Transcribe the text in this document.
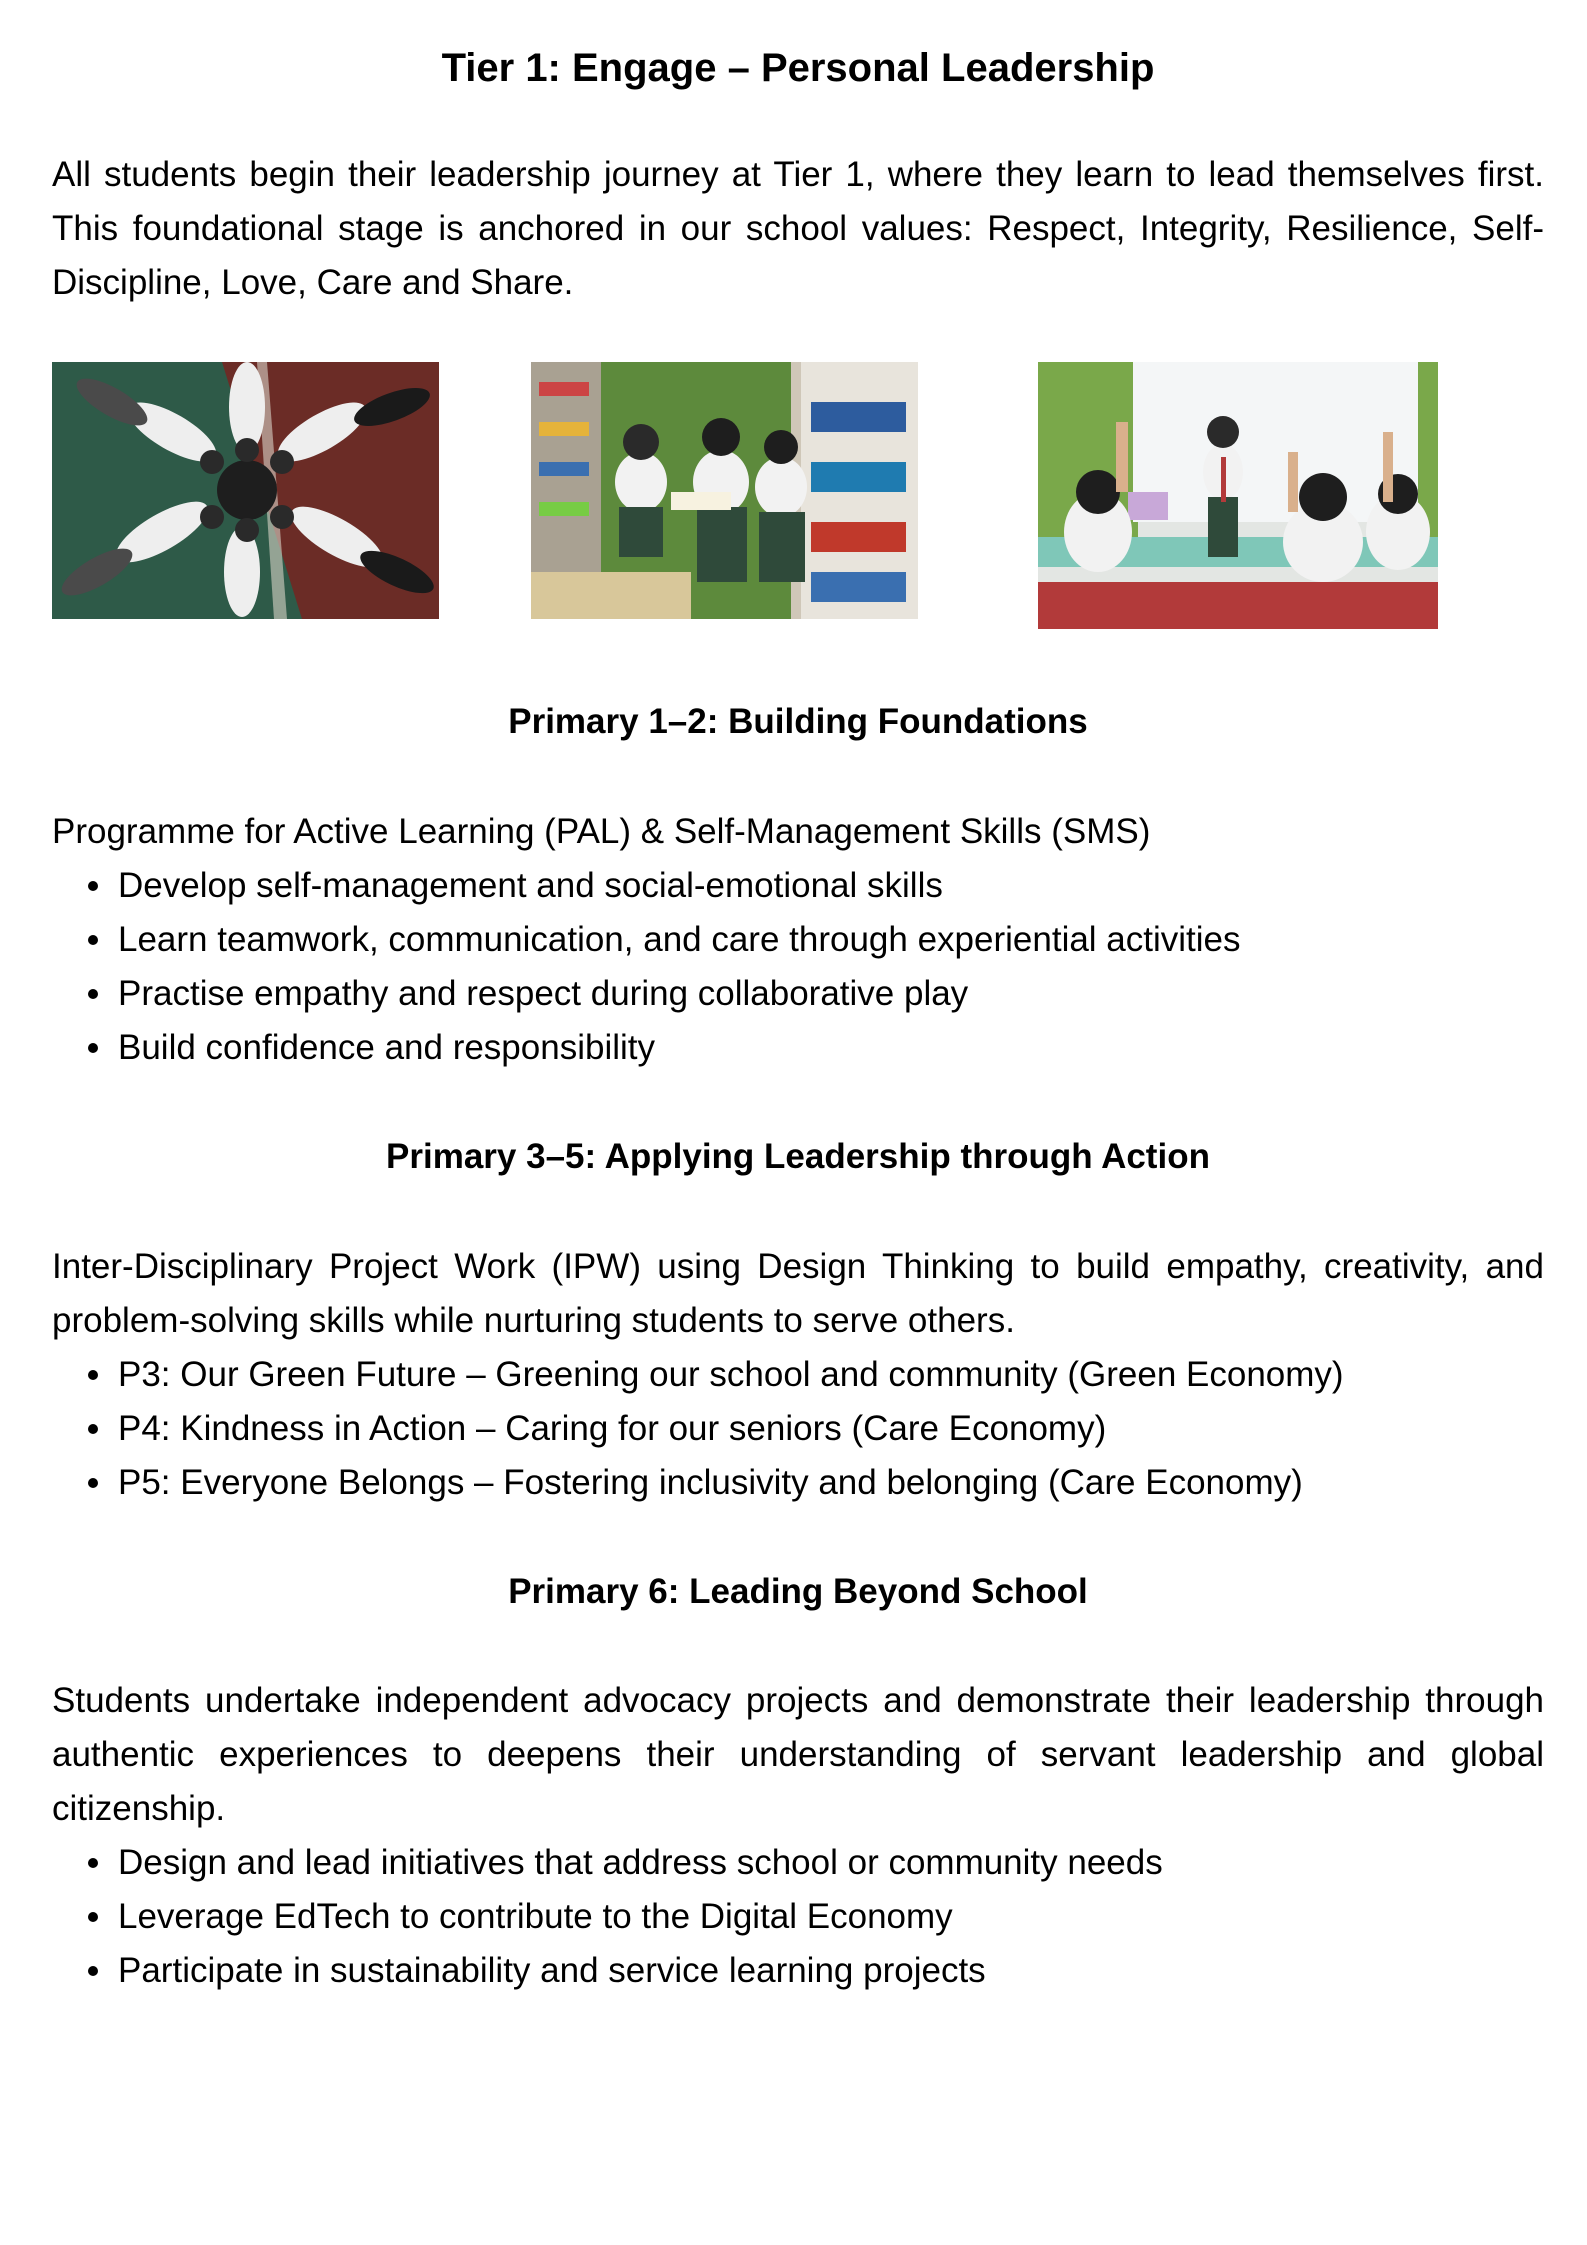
Tier 1: Engage – Personal Leadership

All students begin their leadership journey at Tier 1, where they learn to lead themselves first. This foundational stage is anchored in our school values: Respect, Integrity, Resilience, Self-Discipline, Love, Care and Share.

Primary 1–2: Building Foundations

Programme for Active Learning (PAL) & Self-Management Skills (SMS)

Develop self-management and social-emotional skills
Learn teamwork, communication, and care through experiential activities
Practise empathy and respect during collaborative play
Build confidence and responsibility
Primary 3–5: Applying Leadership through Action

Inter-Disciplinary Project Work (IPW) using Design Thinking to build empathy, creativity, and problem-solving skills while nurturing students to serve others.

P3: Our Green Future – Greening our school and community (Green Economy)
P4: Kindness in Action – Caring for our seniors (Care Economy)
P5: Everyone Belongs – Fostering inclusivity and belonging (Care Economy)
Primary 6: Leading Beyond School

Students undertake independent advocacy projects and demonstrate their leadership through authentic experiences to deepens their understanding of servant leadership and global citizenship.

Design and lead initiatives that address school or community needs
Leverage EdTech to contribute to the Digital Economy
Participate in sustainability and service learning projects
